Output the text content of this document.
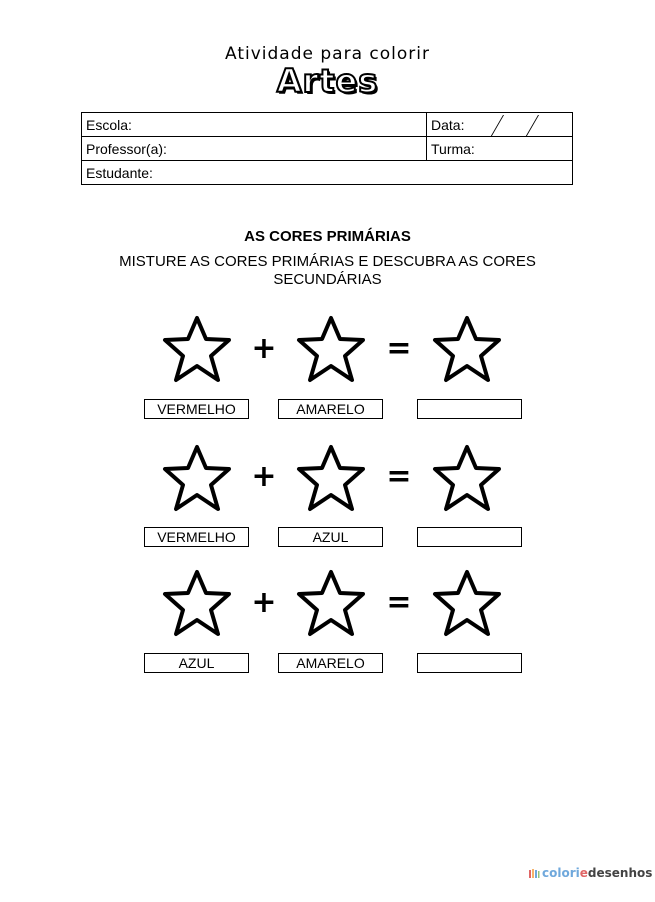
Atividade para colorir
Artes
Escola:	Data:

Professor(a):	Turma:
Estudante:	
AS CORES PRIMÁRIAS
MISTURE AS CORES PRIMÁRIAS E DESCUBRA AS CORES SECUNDÁRIAS
+	=
VERMELHO	AMARELO
+	=
VERMELHO	AZUL
+	=
AZUL	AMARELO
coloriedesenhos
